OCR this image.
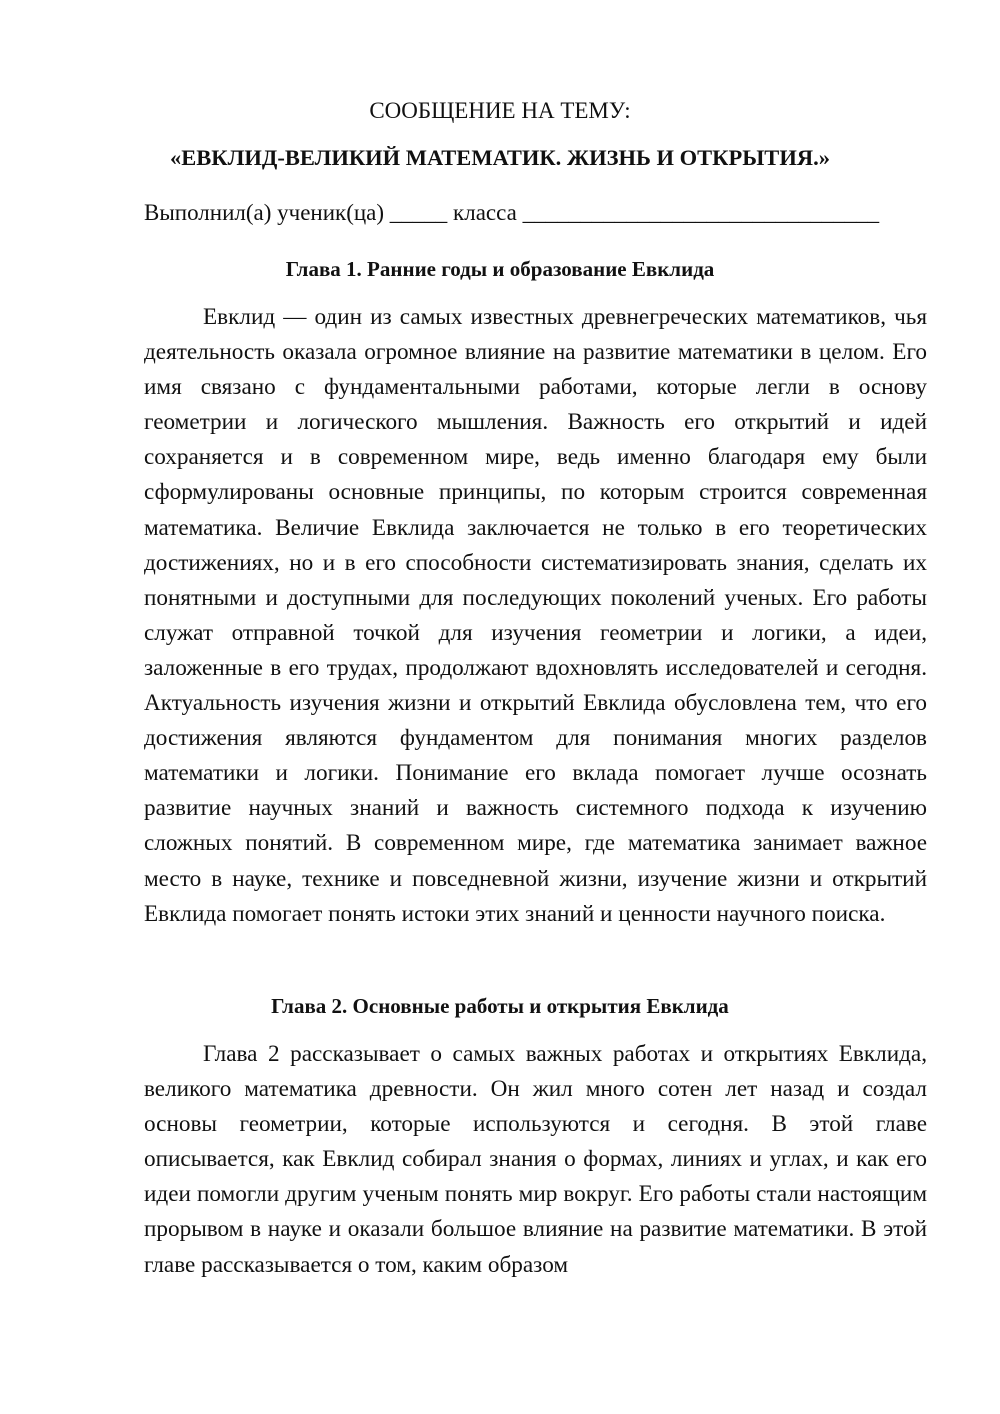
СООБЩЕНИЕ НА ТЕМУ:
«ЕВКЛИД-ВЕЛИКИЙ МАТЕМАТИК. ЖИЗНЬ И ОТКРЫТИЯ.»
Выполнил(а) ученик(ца) _____ класса _______________________________
Глава 1. Ранние годы и образование Евклида

Евклид — один из самых известных древнегреческих математиков, чья деятельность оказала огромное влияние на развитие математики в целом. Его имя связано с фундаментальными работами, которые легли в основу геометрии и логического мышления. Важность его открытий и идей сохраняется и в современном мире, ведь именно благодаря ему были сформулированы основные принципы, по которым строится современная математика. Величие Евклида заключается не только в его теоретических достижениях, но и в его способности систематизировать знания, сделать их понятными и доступными для последующих поколений ученых. Его работы служат отправной точкой для изучения геометрии и логики, а идеи, заложенные в его трудах, продолжают вдохновлять исследователей и сегодня. Актуальность изучения жизни и открытий Евклида обусловлена тем, что его достижения являются фундаментом для понимания многих разделов математики и логики. Понимание его вклада помогает лучше осознать развитие научных знаний и важность системного подхода к изучению сложных понятий. В современном мире, где математика занимает важное место в науке, технике и повседневной жизни, изучение жизни и открытий Евклида помогает понять истоки этих знаний и ценности научного поиска.

Глава 2. Основные работы и открытия Евклида

Глава 2 рассказывает о самых важных работах и открытиях Евклида, великого математика древности. Он жил много сотен лет назад и создал основы геометрии, которые используются и сегодня. В этой главе описывается, как Евклид собирал знания о формах, линиях и углах, и как его идеи помогли другим ученым понять мир вокруг. Его работы стали настоящим прорывом в науке и оказали большое влияние на развитие математики. В этой главе рассказывается о том, каким образом
